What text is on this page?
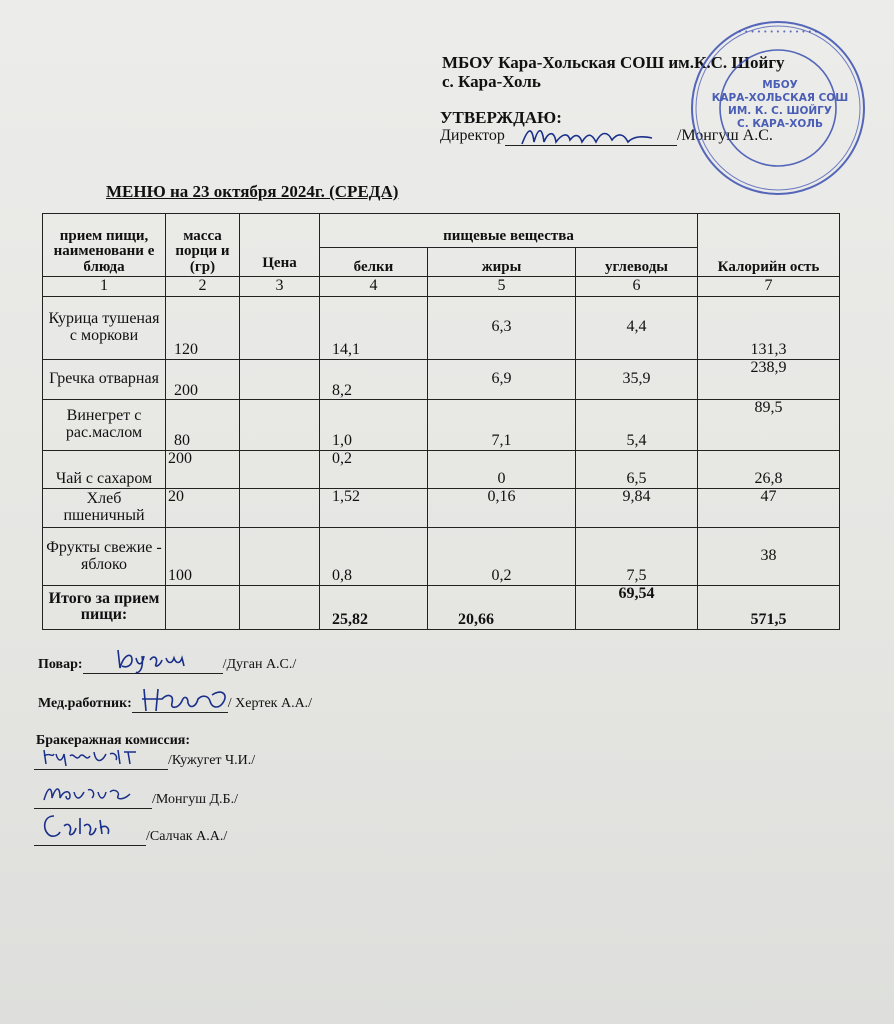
МБОУ Кара-Хольская СОШ им.К.С. Шойгу
с. Кара-Холь
УТВЕРЖДАЮ:
Директор	/Монгуш А.С.
• • • • • • • • • • • • •
МБОУ
КАРА-ХОЛЬСКАЯ СОШ
ИМ. К. С. ШОЙГУ
С. КАРА-ХОЛЬ
МЕНЮ на 23 октября 2024г. (СРЕДА)
прием пищи, наименовани е блюда	масса порци и (гр)	Цена	пищевые вещества			Калорийн ость
			белки	жиры	углеводы	
1	2	3	4	5	6	7
Курица тушеная с моркови	120		14,1	6,3	4,4	131,3
Гречка отварная	200		8,2	6,9	35,9	238,9
Винегрет с рас.маслом	80		1,0	7,1	5,4	89,5
Чай с сахаром	200		0,2	0	6,5	26,8
Хлеб пшеничный	20		1,52	0,16	9,84	47
Фрукты свежие - яблоко	100		0,8	0,2	7,5	38
Итого за прием пищи:			25,82	20,66	69,54	571,5
Повар:	/Дуган А.С./
Мед.работник:	/ Хертек А.А./
Бракеражная комиссия:
/Кужугет Ч.И./
/Монгуш Д.Б./
/Салчак А.А./
